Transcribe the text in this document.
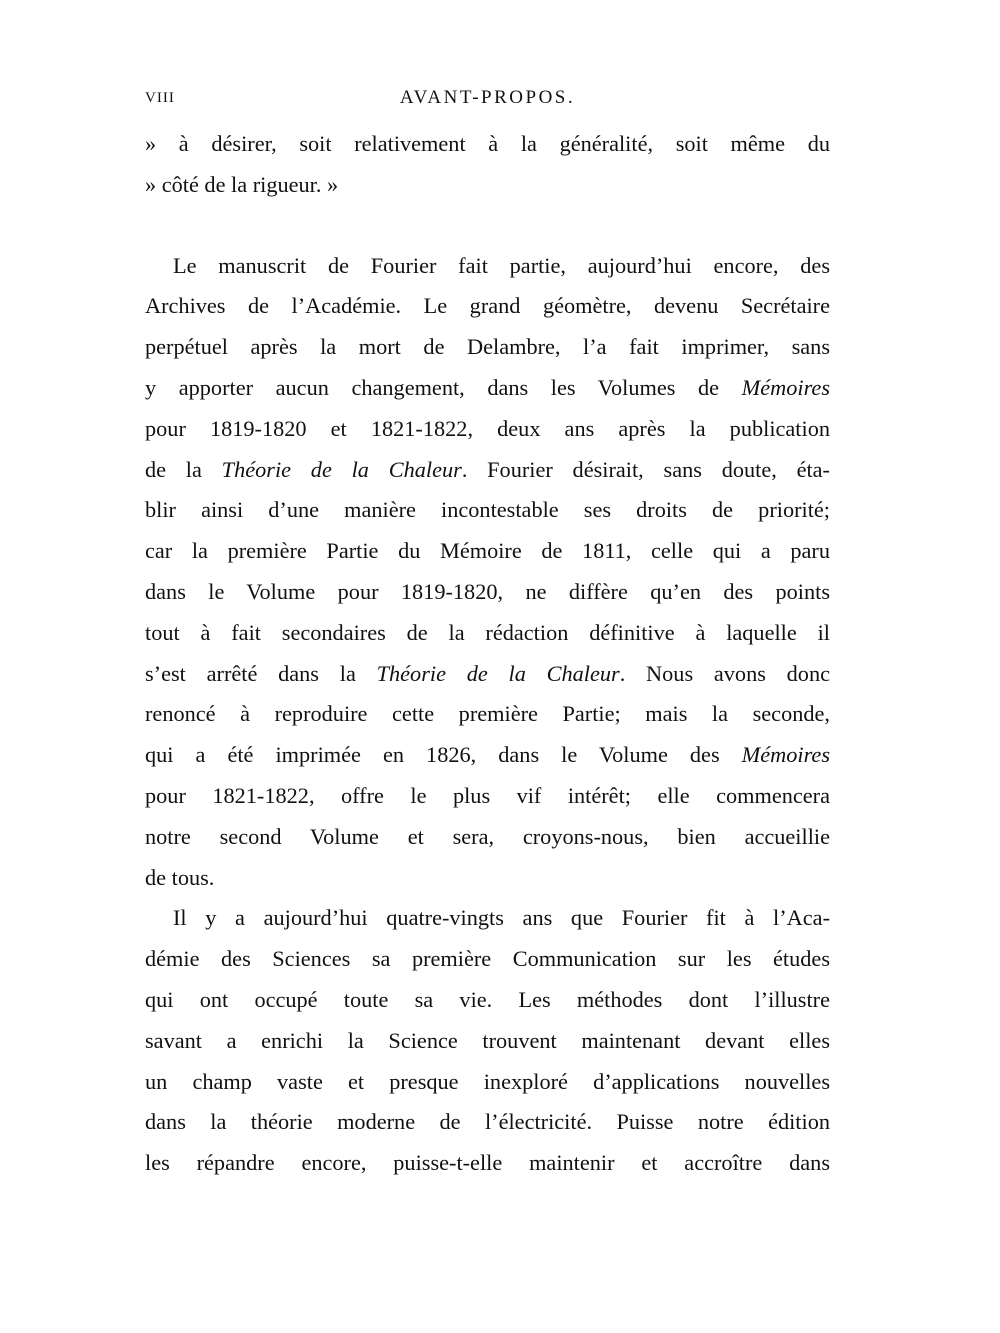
VIII	AVANT-PROPOS.
» à désirer, soit relativement à la généralité, soit même du
» côté de la rigueur. »
Le manuscrit de Fourier fait partie, aujourd’hui encore, des
Archives de l’Académie. Le grand géomètre, devenu Secrétaire
perpétuel après la mort de Delambre, l’a fait imprimer, sans
y apporter aucun changement, dans les Volumes de Mémoires
pour 1819-1820 et 1821-1822, deux ans après la publication
de la Théorie de la Chaleur. Fourier désirait, sans doute, éta-
blir ainsi d’une manière incontestable ses droits de priorité;
car la première Partie du Mémoire de 1811, celle qui a paru
dans le Volume pour 1819-1820, ne diffère qu’en des points
tout à fait secondaires de la rédaction définitive à laquelle il
s’est arrêté dans la Théorie de la Chaleur. Nous avons donc
renoncé à reproduire cette première Partie; mais la seconde,
qui a été imprimée en 1826, dans le Volume des Mémoires
pour 1821-1822, offre le plus vif intérêt; elle commencera
notre second Volume et sera, croyons-nous, bien accueillie
de tous.
Il y a aujourd’hui quatre-vingts ans que Fourier fit à l’Aca-
démie des Sciences sa première Communication sur les études
qui ont occupé toute sa vie. Les méthodes dont l’illustre
savant a enrichi la Science trouvent maintenant devant elles
un champ vaste et presque inexploré d’applications nouvelles
dans la théorie moderne de l’électricité. Puisse notre édition
les répandre encore, puisse-t-elle maintenir et accroître dans
